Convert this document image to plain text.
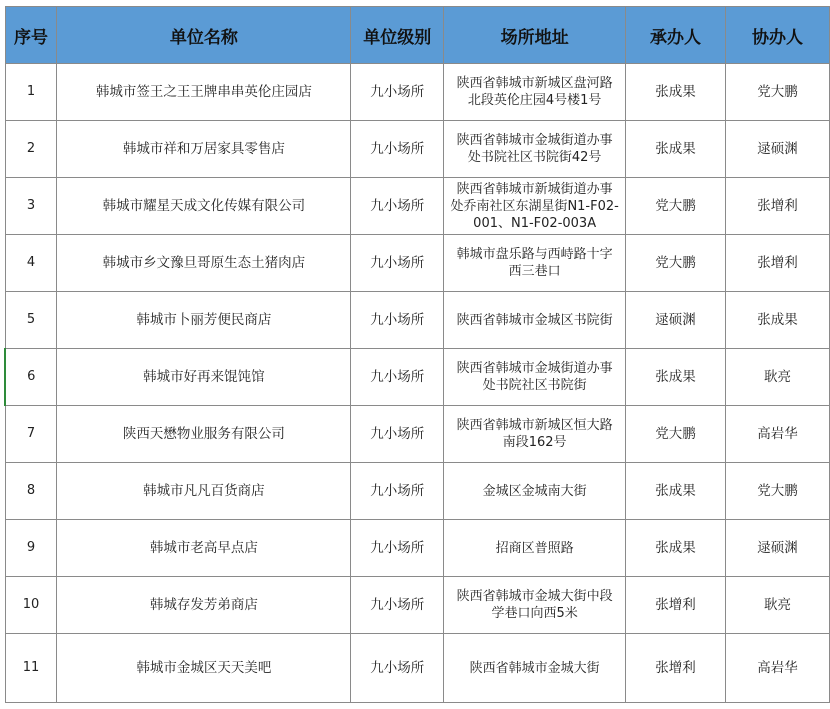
序号	单位名称	单位级别	场所地址	承办人	协办人
1	韩城市签王之王王牌串串英伦庄园店	九小场所	陕西省韩城市新城区盘河路北段英伦庄园4号楼1号	张成果	党大鹏
2	韩城市祥和万居家具零售店	九小场所	陕西省韩城市金城街道办事处书院社区书院街42号	张成果	逯硕渊
3	韩城市耀星天成文化传媒有限公司	九小场所	陕西省韩城市新城街道办事处乔南社区东湖星街N1-F02-001、N1-F02-003A	党大鹏	张增利
4	韩城市乡文豫旦哥原生态土猪肉店	九小场所	韩城市盘乐路与西峙路十字西三巷口	党大鹏	张增利
5	韩城市卜丽芳便民商店	九小场所	陕西省韩城市金城区书院街	逯硕渊	张成果
6	韩城市好再来馄饨馆	九小场所	陕西省韩城市金城街道办事处书院社区书院街	张成果	耿亮
7	陕西天懋物业服务有限公司	九小场所	陕西省韩城市新城区恒大路南段162号	党大鹏	高岩华
8	韩城市凡凡百货商店	九小场所	金城区金城南大街	张成果	党大鹏
9	韩城市老高早点店	九小场所	招商区普照路	张成果	逯硕渊
10	韩城存发芳弟商店	九小场所	陕西省韩城市金城大街中段学巷口向西5米	张增利	耿亮
11	韩城市金城区天天美吧	九小场所	陕西省韩城市金城大街	张增利	高岩华
